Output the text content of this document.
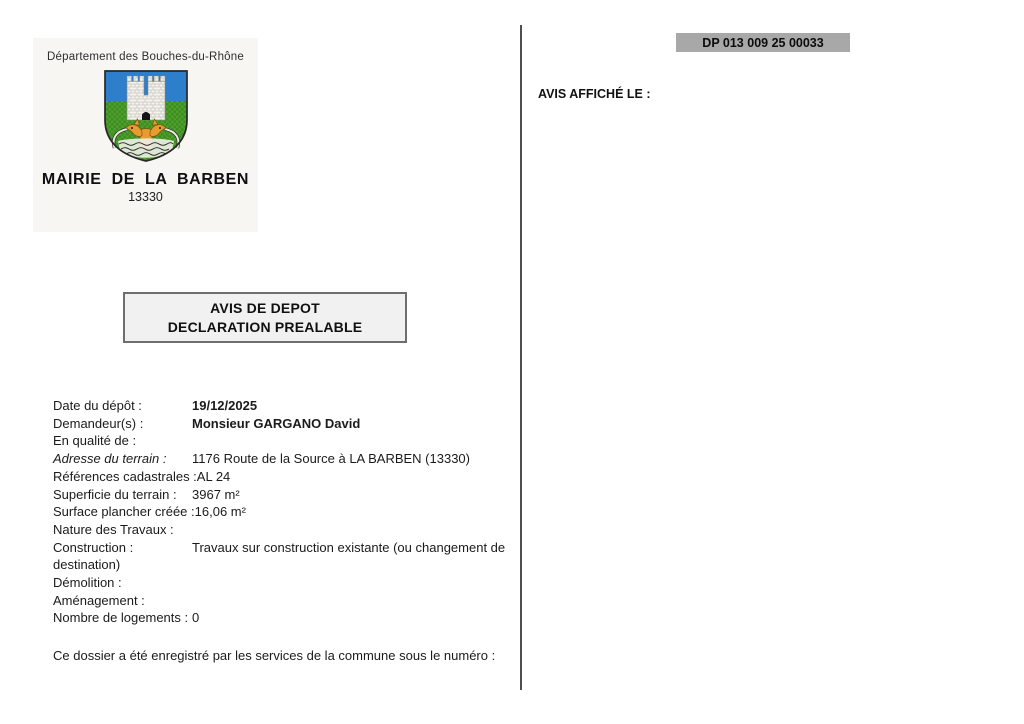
Département des Bouches-du-Rhône
MAIRIE DE LA BARBEN
13330
DP 013 009 25 00033
AVIS AFFICHÉ LE :
AVIS DE DEPOT
DECLARATION PREALABLE
Date du dépôt :	19/12/2025
Demandeur(s) :	Monsieur GARGANO David
En qualité de :
Adresse du terrain :	1176 Route de la Source à LA BARBEN (13330)
Références cadastrales : AL 24
Superficie du terrain :	3967 m²
Surface plancher créée : 16,06 m²
Nature des Travaux :
Construction :	Travaux sur construction existante (ou changement de
destination)
Démolition :
Aménagement :
Nombre de logements : 0
Ce dossier a été enregistré par les services de la commune sous le numéro :
